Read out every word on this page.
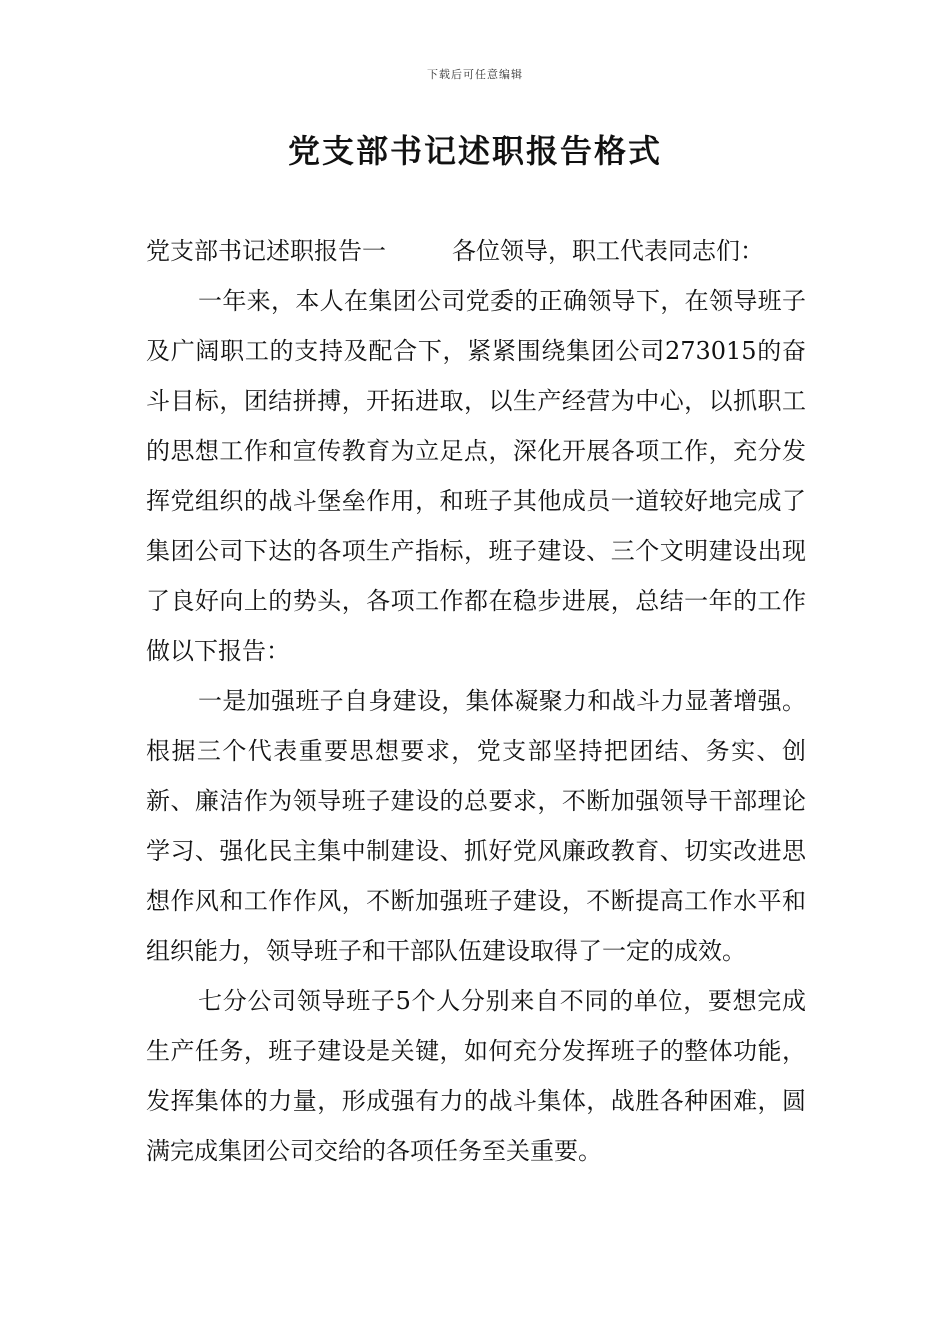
下载后可任意编辑
党支部书记述职报告格式

党支部书记述职报告一	各位领导，职工代表同志们：

一年来，本人在集团公司党委的正确领导下，在领导班子及广阔职工的支持及配合下，紧紧围绕集团公司273015的奋斗目标，团结拼搏，开拓进取，以生产经营为中心，以抓职工的思想工作和宣传教育为立足点，深化开展各项工作，充分发挥党组织的战斗堡垒作用，和班子其他成员一道较好地完成了集团公司下达的各项生产指标，班子建设、三个文明建设出现了良好向上的势头，各项工作都在稳步进展，总结一年的工作做以下报告：

一是加强班子自身建设，集体凝聚力和战斗力显著增强。根据三个代表重要思想要求，党支部坚持把团结、务实、创新、廉洁作为领导班子建设的总要求，不断加强领导干部理论学习、强化民主集中制建设、抓好党风廉政教育、切实改进思想作风和工作作风，不断加强班子建设，不断提高工作水平和组织能力，领导班子和干部队伍建设取得了一定的成效。

七分公司领导班子5个人分别来自不同的单位，要想完成生产任务，班子建设是关键，如何充分发挥班子的整体功能，发挥集体的力量，形成强有力的战斗集体，战胜各种困难，圆满完成集团公司交给的各项任务至关重要。
